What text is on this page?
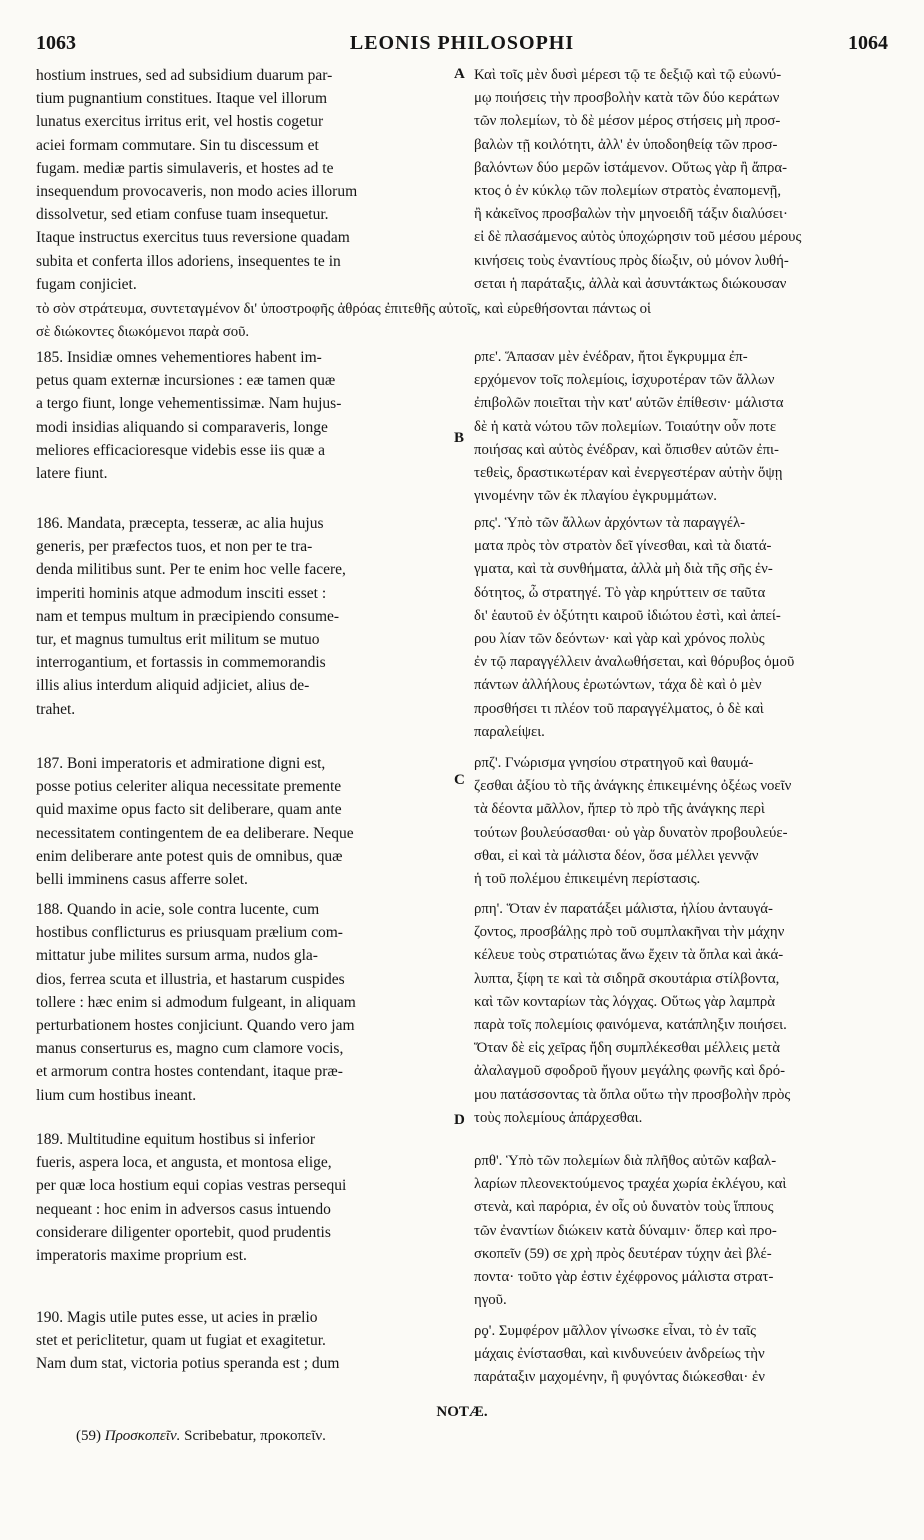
1063	LEONIS PHILOSOPHI	1064
A
B
C
D
hostium instrues, sed ad subsidium duarum par-
tium pugnantium constitues. Itaque vel illorum
lunatus exercitus irritus erit, vel hostis cogetur
aciei formam commutare. Sin tu discessum et
fugam. mediæ partis simulaveris, et hostes ad te
insequendum provocaveris, non modo acies illorum
dissolvetur, sed etiam confuse tuam insequetur.
Itaque instructus exercitus tuus reversione quadam
subita et conferta illos adoriens, insequentes te in
fugam conjiciet.
τὸ σὸν στράτευμα, συντεταγμένον δι' ὑποστροφῆς ἀθρόας ἐπιτεθῆς αὐτοῖς, καὶ εὑρεθήσονται πάντως οἱ
σὲ διώκοντες διωκόμενοι παρὰ σοῦ.
185. Insidiæ omnes vehementiores habent im-
petus quam externæ incursiones : eæ tamen quæ
a tergo fiunt, longe vehementissimæ. Nam hujus-
modi insidias aliquando si comparaveris, longe
meliores efficacioresque videbis esse iis quæ a
latere fiunt.
186. Mandata, præcepta, tesseræ, ac alia hujus
generis, per præfectos tuos, et non per te tra-
denda militibus sunt. Per te enim hoc velle facere,
imperiti hominis atque admodum insciti esset :
nam et tempus multum in præcipiendo consume-
tur, et magnus tumultus erit militum se mutuo
interrogantium, et fortassis in commemorandis
illis alius interdum aliquid adjiciet, alius de-
trahet.
187. Boni imperatoris et admiratione digni est,
posse potius celeriter aliqua necessitate premente
quid maxime opus facto sit deliberare, quam ante
necessitatem contingentem de ea deliberare. Neque
enim deliberare ante potest quis de omnibus, quæ
belli imminens casus afferre solet.
188. Quando in acie, sole contra lucente, cum
hostibus conflicturus es priusquam prælium com-
mittatur jube milites sursum arma, nudos gla-
dios, ferrea scuta et illustria, et hastarum cuspides
tollere : hæc enim si admodum fulgeant, in aliquam
perturbationem hostes conjiciunt. Quando vero jam
manus conserturus es, magno cum clamore vocis,
et armorum contra hostes contendant, itaque præ-
lium cum hostibus ineant.
189. Multitudine equitum hostibus si inferior
fueris, aspera loca, et angusta, et montosa elige,
per quæ loca hostium equi copias vestras persequi
nequeant : hoc enim in adversos casus intuendo
considerare diligenter oportebit, quod prudentis
imperatoris maxime proprium est.
190. Magis utile putes esse, ut acies in prælio
stet et periclitetur, quam ut fugiat et exagitetur.
Nam dum stat, victoria potius speranda est ; dum
Καὶ τοῖς μὲν δυσὶ μέρεσι τῷ τε δεξιῷ καὶ τῷ εὐωνύ-
μῳ ποιήσεις τὴν προσβολὴν κατὰ τῶν δύο κεράτων
τῶν πολεμίων, τὸ δὲ μέσον μέρος στήσεις μὴ προσ-
βαλὼν τῇ κοιλότητι, ἀλλ' ἐν ὑποδοηθείᾳ τῶν προσ-
βαλόντων δύο μερῶν ἱστάμενον. Οὕτως γὰρ ἢ ἄπρα-
κτος ὁ ἐν κύκλῳ τῶν πολεμίων στρατὸς ἐναπομενῇ,
ἢ κἀκεῖνος προσβαλὼν τὴν μηνοειδῆ τάξιν διαλύσει·
εἰ δὲ πλασάμενος αὐτὸς ὑποχώρησιν τοῦ μέσου μέρους
κινήσεις τοὺς ἐναντίους πρὸς δίωξιν, οὐ μόνον λυθή-
σεται ἡ παράταξις, ἀλλὰ καὶ ἀσυντάκτως διώκουσαν
ρπε'. Ἅπασαν μὲν ἐνέδραν, ἤτοι ἔγκρυμμα ἐπ-
ερχόμενον τοῖς πολεμίοις, ἰσχυροτέραν τῶν ἄλλων
ἐπιβολῶν ποιεῖται τὴν κατ' αὐτῶν ἐπίθεσιν· μάλιστα
δὲ ἡ κατὰ νώτου τῶν πολεμίων. Τοιαύτην οὖν ποτε
ποιήσας καὶ αὐτὸς ἐνέδραν, καὶ ὄπισθεν αὐτῶν ἐπι-
τεθεὶς, δραστικωτέραν καὶ ἐνεργεστέραν αὐτὴν ὄψῃ
γινομένην τῶν ἐκ πλαγίου ἐγκρυμμάτων.
ρπς'. Ὑπὸ τῶν ἄλλων ἀρχόντων τὰ παραγγέλ-
ματα πρὸς τὸν στρατὸν δεῖ γίνεσθαι, καὶ τὰ διατά-
γματα, καὶ τὰ συνθήματα, ἀλλὰ μὴ διὰ τῆς σῆς ἐν-
δότητος, ὦ στρατηγέ. Τὸ γὰρ κηρύττειν σε ταῦτα
δι' ἑαυτοῦ ἐν ὀξύτητι καιροῦ ἰδιώτου ἐστὶ, καὶ ἀπεί-
ρου λίαν τῶν δεόντων· καὶ γὰρ καὶ χρόνος πολὺς
ἐν τῷ παραγγέλλειν ἀναλωθήσεται, καὶ θόρυβος ὁμοῦ
πάντων ἀλλήλους ἐρωτώντων, τάχα δὲ καὶ ὁ μὲν
προσθήσει τι πλέον τοῦ παραγγέλματος, ὁ δὲ καὶ
παραλείψει.
ρπζ'. Γνώρισμα γνησίου στρατηγοῦ καὶ θαυμά-
ζεσθαι ἀξίου τὸ τῆς ἀνάγκης ἐπικειμένης ὀξέως νοεῖν
τὰ δέοντα μᾶλλον, ἤπερ τὸ πρὸ τῆς ἀνάγκης περὶ
τούτων βουλεύσασθαι· οὐ γὰρ δυνατὸν προβουλεύε-
σθαι, εἰ καὶ τὰ μάλιστα δέον, ὅσα μέλλει γεννᾷν
ἡ τοῦ πολέμου ἐπικειμένη περίστασις.
ρπη'. Ὅταν ἐν παρατάξει μάλιστα, ἡλίου ἀνταυγά-
ζοντος, προσβάλῃς πρὸ τοῦ συμπλακῆναι τὴν μάχην
κέλευε τοὺς στρατιώτας ἄνω ἔχειν τὰ ὅπλα καὶ ἀκά-
λυπτα, ξίφη τε καὶ τὰ σιδηρᾶ σκουτάρια στίλβοντα,
καὶ τῶν κονταρίων τὰς λόγχας. Οὕτως γὰρ λαμπρὰ
παρὰ τοῖς πολεμίοις φαινόμενα, κατάπληξιν ποιήσει.
Ὅταν δὲ εἰς χεῖρας ἤδη συμπλέκεσθαι μέλλεις μετὰ
ἀλαλαγμοῦ σφοδροῦ ἤγουν μεγάλης φωνῆς καὶ δρό-
μου πατάσσοντας τὰ ὅπλα οὕτω τὴν προσβολὴν πρὸς
τοὺς πολεμίους ἀπάρχεσθαι.
ρπθ'. Ὑπὸ τῶν πολεμίων διὰ πλῆθος αὐτῶν καβαλ-
λαρίων πλεονεκτούμενος τραχέα χωρία ἐκλέγου, καὶ
στενὰ, καὶ παρόρια, ἐν οἷς οὐ δυνατὸν τοὺς ἵππους
τῶν ἐναντίων διώκειν κατὰ δύναμιν· ὅπερ καὶ προ-
σκοπεῖν (59) σε χρὴ πρὸς δευτέραν τύχην ἀεὶ βλέ-
ποντα· τοῦτο γὰρ ἐστιν ἐχέφρονος μάλιστα στρατ-
ηγοῦ.
ρϙ'. Συμφέρον μᾶλλον γίνωσκε εἶναι, τὸ ἐν ταῖς
μάχαις ἐνίστασθαι, καὶ κινδυνεύειν ἀνδρείως τὴν
παράταξιν μαχομένην, ἢ φυγόντας διώκεσθαι· ἐν
NOTÆ.
(59) Προσκοπεῖν. Scribebatur, προκοπεῖν.
